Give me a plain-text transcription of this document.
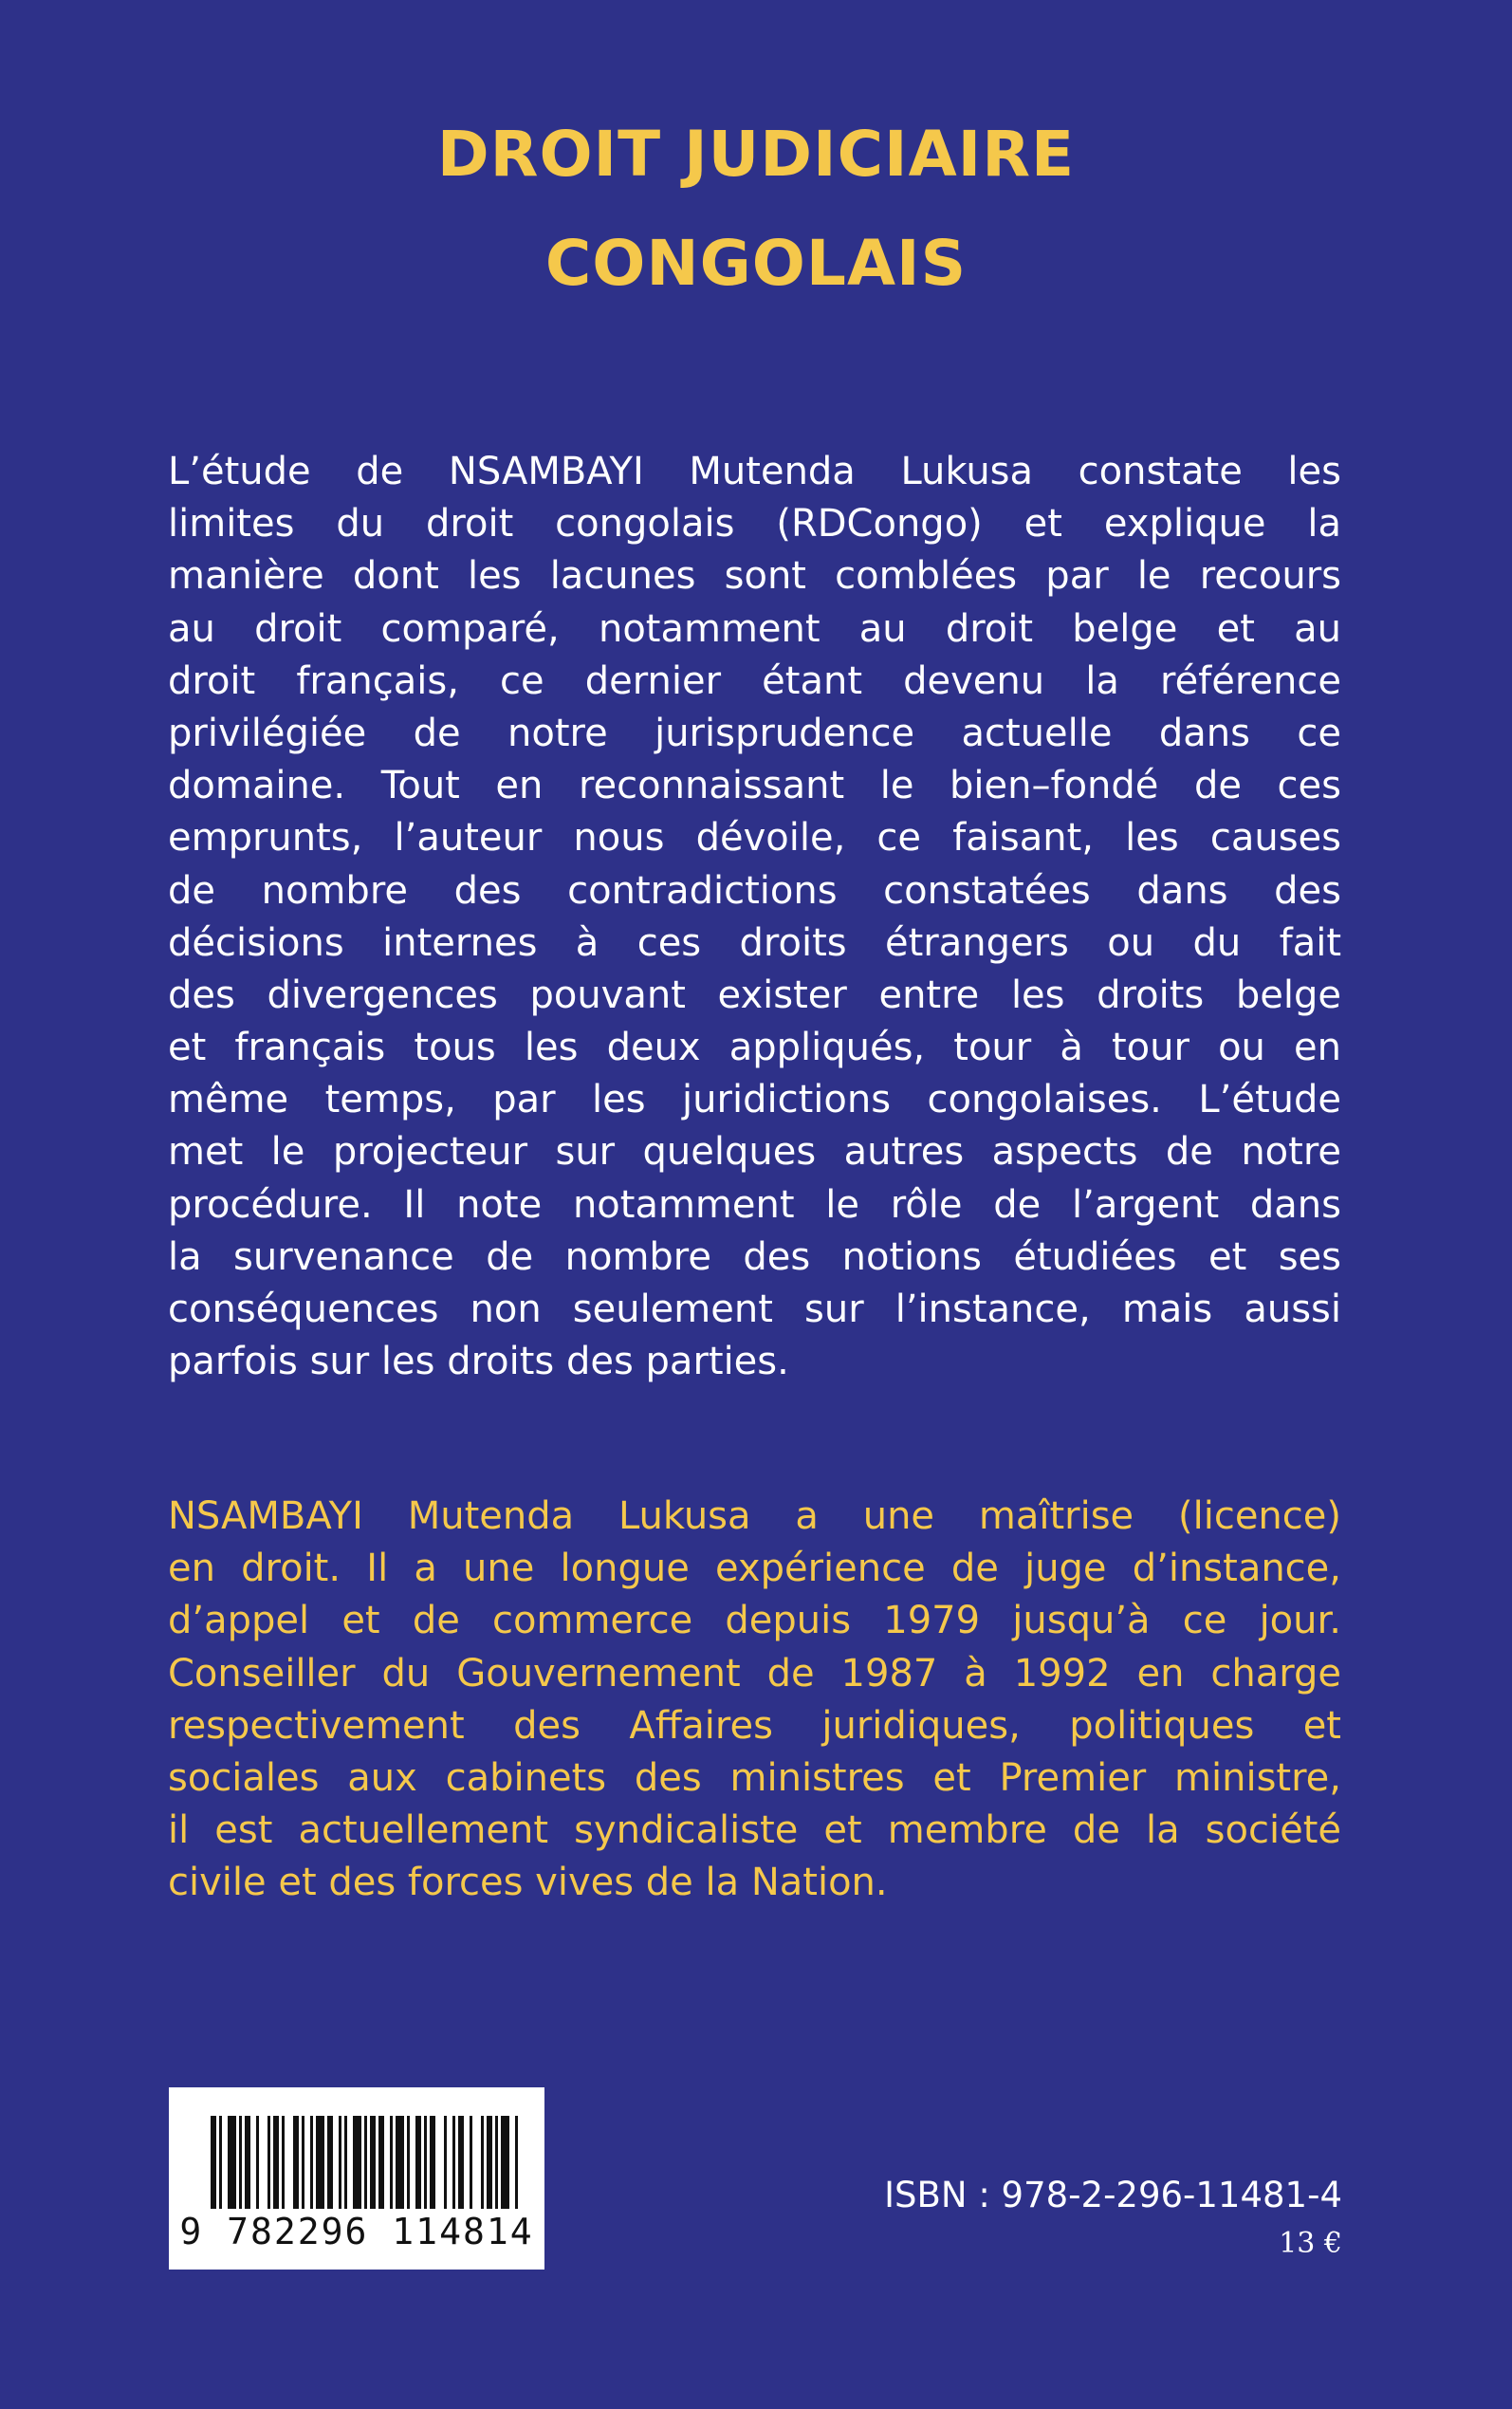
DROIT JUDICIAIRE
CONGOLAIS
L’étude de NSAMBAYI Mutenda Lukusa constate les
limites du droit congolais (RDCongo) et explique la
manière dont les lacunes sont comblées par le recours
au droit comparé, notamment au droit belge et au
droit français, ce dernier étant devenu la référence
privilégiée de notre jurisprudence actuelle dans ce
domaine. Tout en reconnaissant le bien–fondé de ces
emprunts, l’auteur nous dévoile, ce faisant, les causes
de nombre des contradictions constatées dans des
décisions internes à ces droits étrangers ou du fait
des divergences pouvant exister entre les droits belge
et français tous les deux appliqués, tour à tour ou en
même temps, par les juridictions congolaises. L’étude
met le projecteur sur quelques autres aspects de notre
procédure. Il note notamment le rôle de l’argent dans
la survenance de nombre des notions étudiées et ses
conséquences non seulement sur l’instance, mais aussi
parfois sur les droits des parties.
NSAMBAYI Mutenda Lukusa a une maîtrise (licence)
en droit. Il a une longue expérience de juge d’instance,
d’appel et de commerce depuis 1979 jusqu’à ce jour.
Conseiller du Gouvernement de 1987 à 1992 en charge
respectivement des Affaires juridiques, politiques et
sociales aux cabinets des ministres et Premier ministre,
il est actuellement syndicaliste et membre de la société
civile et des forces vives de la Nation.
9 782296 114814
ISBN : 978-2-296-11481-4
13 €
